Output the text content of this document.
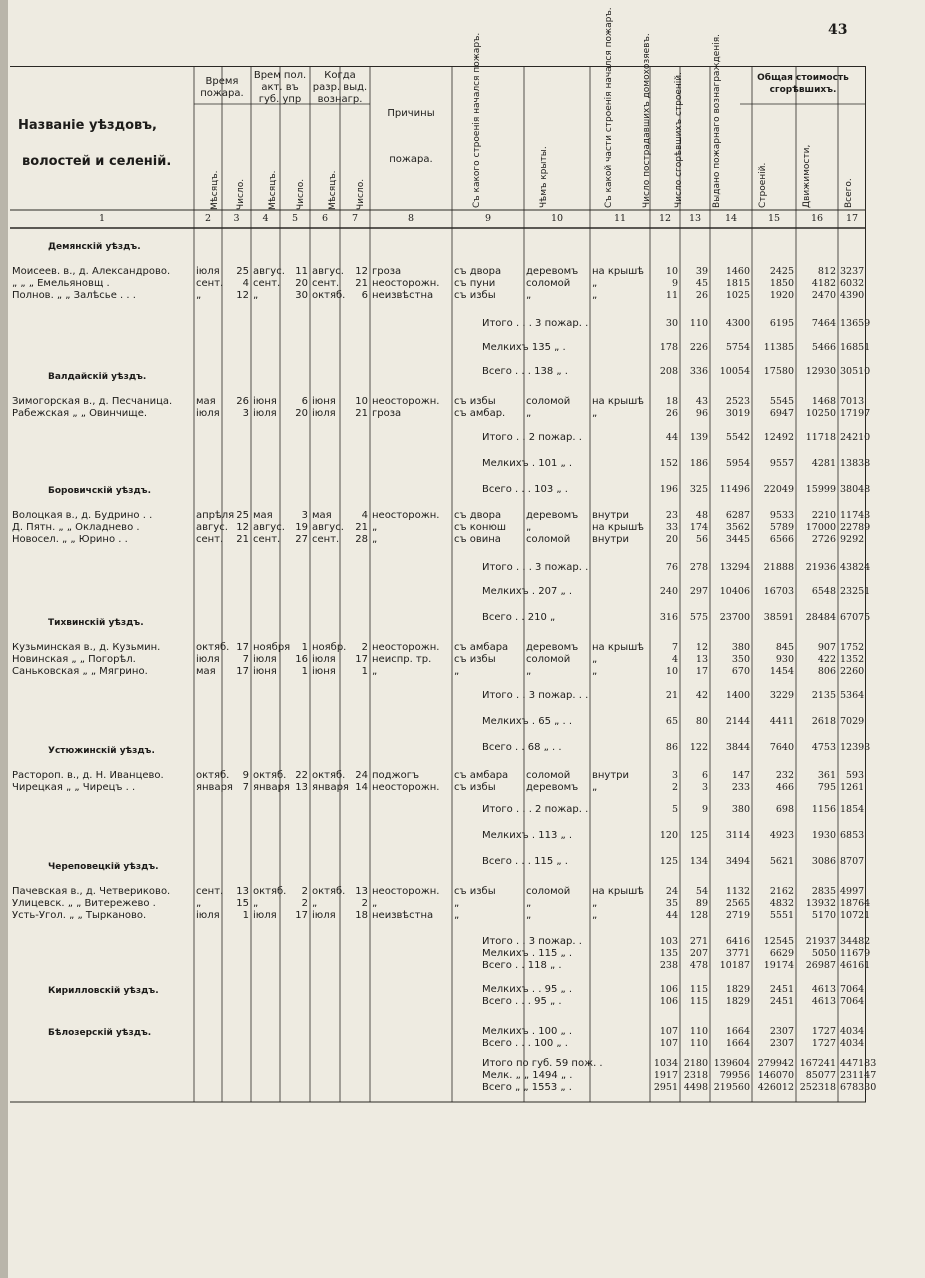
43
Названіе уѣздовъ,
волостей и селеній.
Время пожара.
Врем пол. акт. въ губ. упр
Когда разр. выд. вознагр.
Причины
пожара.
Общая стоимость сгорѣвшихъ.
Мѣсяцъ. Число. Мѣсяцъ. Число. Мѣсяцъ. Число.	Съ какого строенія начался пожаръ.	Чѣмъ крыты.	Съ какой части строенія начался пожаръ.	Число пострадавшихъ домохозяевъ. Число сгорѣвшихъ строеній.	Выдано пожарнаго вознагражденія.	Строеній.	Движимости,	Всего.
1	2	3	4	5	6	7	8	9	10	11	12	13	14	15	16	17
Демянскій уѣздъ.
Моисеев. в., д. Александрово.	іюля	25 авгус.	11 авгус.	12 гроза	съ двора	деревомъ	на крышѣ	10	39	1460	2425	812 3237
„ „ „ Емельяновщ .	сент.	4 сент.	20 сент.	21 неосторожн.	съ пуни	соломой	„	9	45	1815	1850	4182 6032
Полнов. „ „ Залѣсье . . .	„	12 „	30 октяб.	6 неизвѣстна	съ избы	„	„	11	26	1025	1920	2470 4390
Итого . . . 3 пожар. .	30	110	4300	6195	7464 13659
Мелкихъ 135 „ .	178	226	5754	11385	5466 16851
Всего . . . 138 „ .	208	336	10054	17580	12930 30510
Валдайскій уѣздъ.
Зимогорская в., д. Песчаница.	мая	26 іюня	6 іюня	10 неосторожн.	съ избы	соломой	на крышѣ	18	43	2523	5545	1468 7013
Рабежская „ „ Овинчище.	іюля	3 іюля	20 іюля	21 гроза	съ амбар.	„	„	26	96	3019	6947	10250 17197
Итого . . 2 пожар. .	44	139	5542	12492	11718 24210
Мелкихъ . 101 „ .	152	186	5954	9557	4281 13838
Всего . . . 103 „ .	196	325	11496	22049	15999 38048
Боровичскій уѣздъ.
Волоцкая в., д. Будрино . .	апрѣля 25 мая	3 мая	4 неосторожн.	съ двора	деревомъ	внутри	23	48	6287	9533	2210 11743
Д. Пятн. „ „ Окладнево .	авгус. 12 авгус.	19 авгус.	21 „	съ конюш	„	на крышѣ	33	174	3562	5789	17000 22789
Новосел. „ „ Юрино . .	сент.	21 сент.	27 сент.	28 „	съ овина	соломой	внутри	20	56	3445	6566	2726 9292
Итого . . . 3 пожар. .	76	278	13294	21888	21936 43824
Мелкихъ . 207 „ .	240	297	10406	16703	6548 23251
Всего . . 210 „	316	575	23700	38591	28484 67075
Тихвинскій уѣздъ.
Кузьминская в., д. Кузьмин.	октяб. 17 ноября	1 ноябр.	2 неосторожн.	съ амбара	деревомъ	на крышѣ	7	12	380	845	907 1752
Новинская „ „ Погорѣл.	іюля	7 іюля	16 іюля	17 неиспр. тр.	съ избы	соломой	„	4	13	350	930	422 1352
Саньковская „ „ Мягрино.	мая	17 іюня	1 іюня	1 „	„	„	„	10	17	670	1454	806 2260
Итого . . 3 пожар. . .	21	42	1400	3229	2135 5364
Мелкихъ . 65 „ . .	65	80	2144	4411	2618 7029
Всего . . 68 „ . .	86	122	3844	7640	4753 12393
Устюжинскій уѣздъ.
Растороп. в., д. Н. Иванцево.	октяб.	9 октяб. 22 октяб. 24 поджогъ	съ амбара	соломой	внутри	3	6	147	232	361	593
Чирецкая „ „ Чирецъ . .	января 7 января 13 января 14 неосторожн.	съ избы	деревомъ	„	2	3	233	466	795 1261
Итого . . . 2 пожар. .	5	9	380	698	1156 1854
Мелкихъ . 113 „ .	120	125	3114	4923	1930 6853
Всего . . . 115 „ .	125	134	3494	5621	3086 8707
Череповецкій уѣздъ.
Пачевская в., д. Четвериково.	сент.	13 октяб.	2 октяб. 13 неосторожн.	съ избы	соломой	на крышѣ	24	54	1132	2162	2835 4997
Улицевск. „ „ Витережево .	„	15 „	2 „	2 „	„	„	„	35	89	2565	4832	13932 18764
Усть-Угол. „ „ Тырканово.	іюля	1 іюля	17 іюля	18 неизвѣстна	„	„	„	44	128	2719	5551	5170 10721
Итого . . 3 пожар. .	103	271	6416	12545	21937 34482
Мелкихъ . 115 „ .	135	207	3771	6629	5050 11679
Всего . . 118 „ .	238	478	10187	19174	26987 46161
Кирилловскій уѣздъ.	Мелкихъ . . 95 „ .	106	115	1829	2451	4613 7064
Всего . . . 95 „ .	106	115	1829	2451	4613 7064
Бѣлозерскій уѣздъ.	Мелкихъ . 100 „ .	107	110	1664	2307	1727 4034
Всего . . . 100 „ .	107	110	1664	2307	1727 4034
Итого по губ. 59 пож. .	1034 2180 139604 279942 167241 447183
Мелк. „ „ 1494 „ .	1917 2318	79956 146070	85077 231147
Всего „ „ 1553 „ .	2951 4498 219560 426012 252318 678330
